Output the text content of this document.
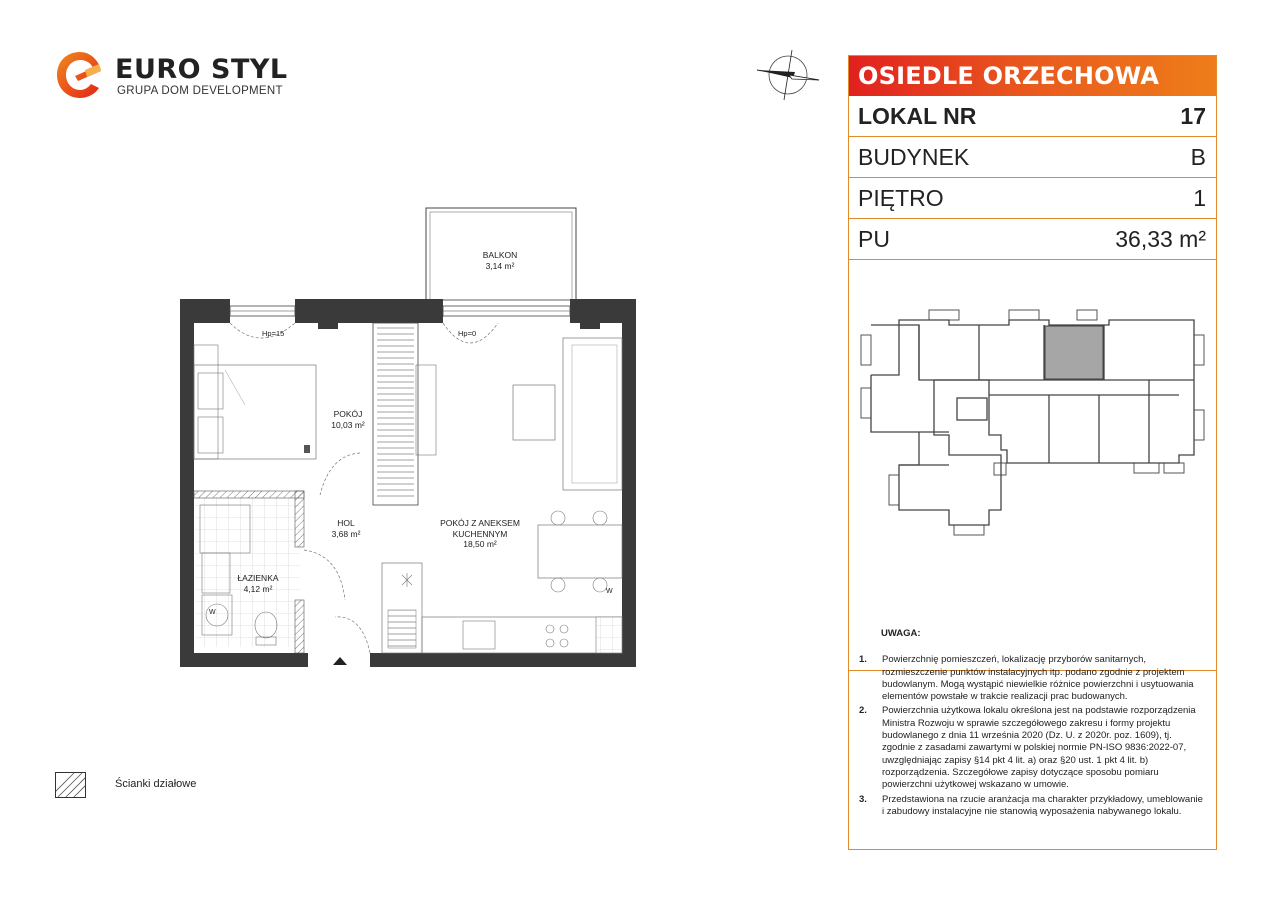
EURO STYL
GRUPA DOM DEVELOPMENT
BALKON
3,14 m²
POKÓJ
10,03 m²
HOL
3,68 m²
POKÓJ Z ANEKSEM
KUCHENNYM
18,50 m²
ŁAZIENKA
4,12 m²
Hp=15	Hp=0
W
W
Ścianki działowe
OSIEDLE ORZECHOWA
LOKAL NR	17
BUDYNEK	B
PIĘTRO	1
PU	36,33 m²
UWAGA:
1. Powierzchnię pomieszczeń, lokalizację przyborów sanitarnych, rozmieszczenie punktów instalacyjnych itp. podano zgodnie z projektem budowlanym. Mogą wystąpić niewielkie różnice powierzchni i usytuowania elementów powstałe w trakcie realizacji prac budowanych.
2. Powierzchnia użytkowa lokalu określona jest na podstawie rozporządzenia Ministra Rozwoju w sprawie szczegółowego zakresu i formy projektu budowlanego z dnia 11 września 2020 (Dz. U. z 2020r. poz. 1609), tj. zgodnie z zasadami zawartymi w polskiej normie PN-ISO 9836:2022-07, uwzględniając zapisy §14 pkt 4 lit. a) oraz §20 ust. 1 pkt 4 lit. b) rozporządzenia. Szczegółowe zapisy dotyczące sposobu pomiaru powierzchni użytkowej wskazano w umowie.
3. Przedstawiona na rzucie aranżacja ma charakter przykładowy, umeblowanie i zabudowy instalacyjne nie stanowią wyposażenia nabywanego lokalu.
